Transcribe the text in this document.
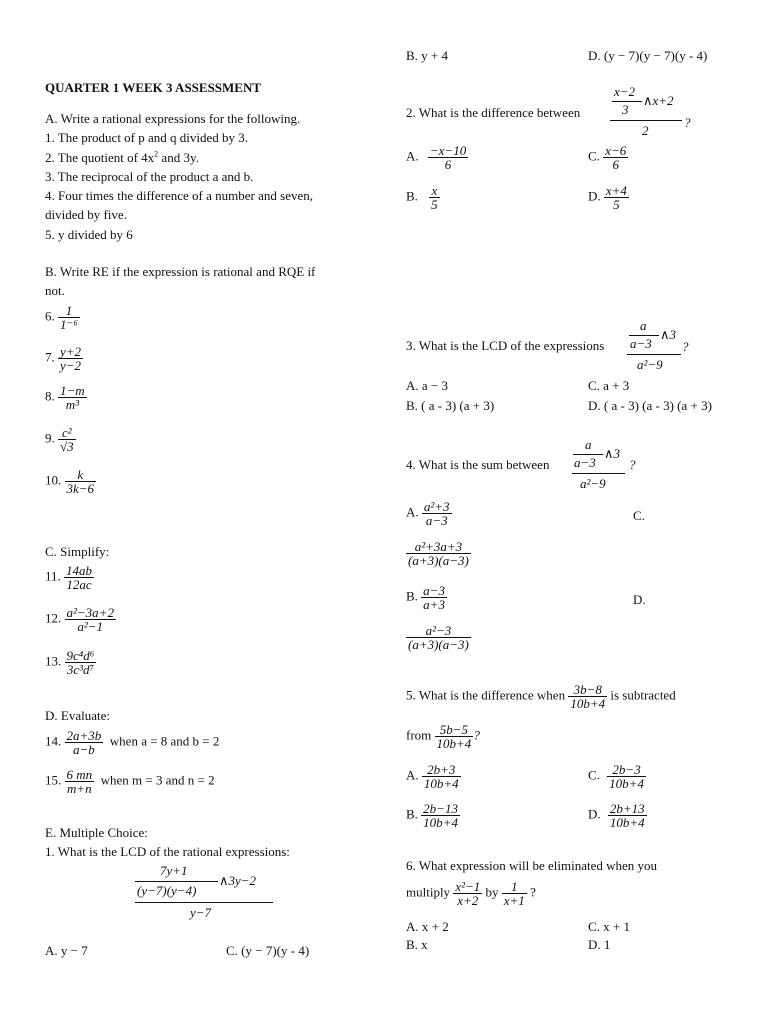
QUARTER 1 WEEK 3 ASSESSMENT
A. Write a rational expressions for the following.
1. The product of p and q divided by 3.
2. The quotient of $4x^2$ and 3y.
3. The reciprocal of the product a and b.
4. Four times the difference of a number and seven,
divided by five.
5. y divided by 6
B. Write RE if the expression is rational and RQE if
not.
6. $\frac{1}{\text{1⁻⁶}}$
7. $\frac{y+2}{y-2}$
8. $\frac{1-m}{\text{m³}}$
9. $\frac{\text{c²}}{√3}$
10. $\frac{k}{3k-6}$
C. Simplify:
11. $\frac{14ab}{12ac}$
12. $\frac{\text{a²−3a+2}}{\text{a²−1}}$
13. $\frac{\text{9c⁴d⁶}}{\text{3c³d⁷}}$
D. Evaluate:
14. $\frac{2a+3b}{a-b}$ when a = 8 and b = 2
15. $\frac{6 mn}{m+n}$ when m = 3 and n = 2
E. Multiple Choice:
1. What is the LCD of the rational expressions:
7y+1
(y−7)(y−4)
∧3y−2
y−7
A. y − 7	C. (y − 7)(y - 4)
B. y + 4	D. (y − 7)(y − 7)(y - 4)
2. What is the difference between
x−2
3
∧x+2
2
?
A. $\frac{-x-10}{6}$	C. $\frac{x-6}{6}$
B. $\frac{x}{5}$	D. $\frac{x+4}{5}$
3. What is the LCD of the expressions
a
a−3
∧3
a²−9
?
A. a − 3	C. a + 3
B. ( a - 3) (a + 3)	D. ( a - 3) (a - 3) (a + 3)
4. What is the sum between
a
a−3
∧3
a²−9
?
A. $\frac{\text{a²+3}}{a-3}$	C.
$\frac{\text{a²+3a+3}}{(a+3)(a-3)}$
B. $\frac{a-3}{a+3}$	D.
$\frac{\text{a²−3}}{(a+3)(a-3)}$
5. What is the difference when $\frac{3b-8}{10b+4}$ is subtracted
from $\frac{5b-5}{10b+4}$ ?
A. $\frac{2b+3}{10b+4}$	C. $\frac{2b-3}{10b+4}$
B. $\frac{2b-13}{10b+4}$	D. $\frac{2b+13}{10b+4}$
6. What expression will be eliminated when you
multiply $\frac{\text{x²−1}}{x+2}$ by $\frac{1}{x+1}$ ?
A. x + 2	C. x + 1
B. x	D. 1
